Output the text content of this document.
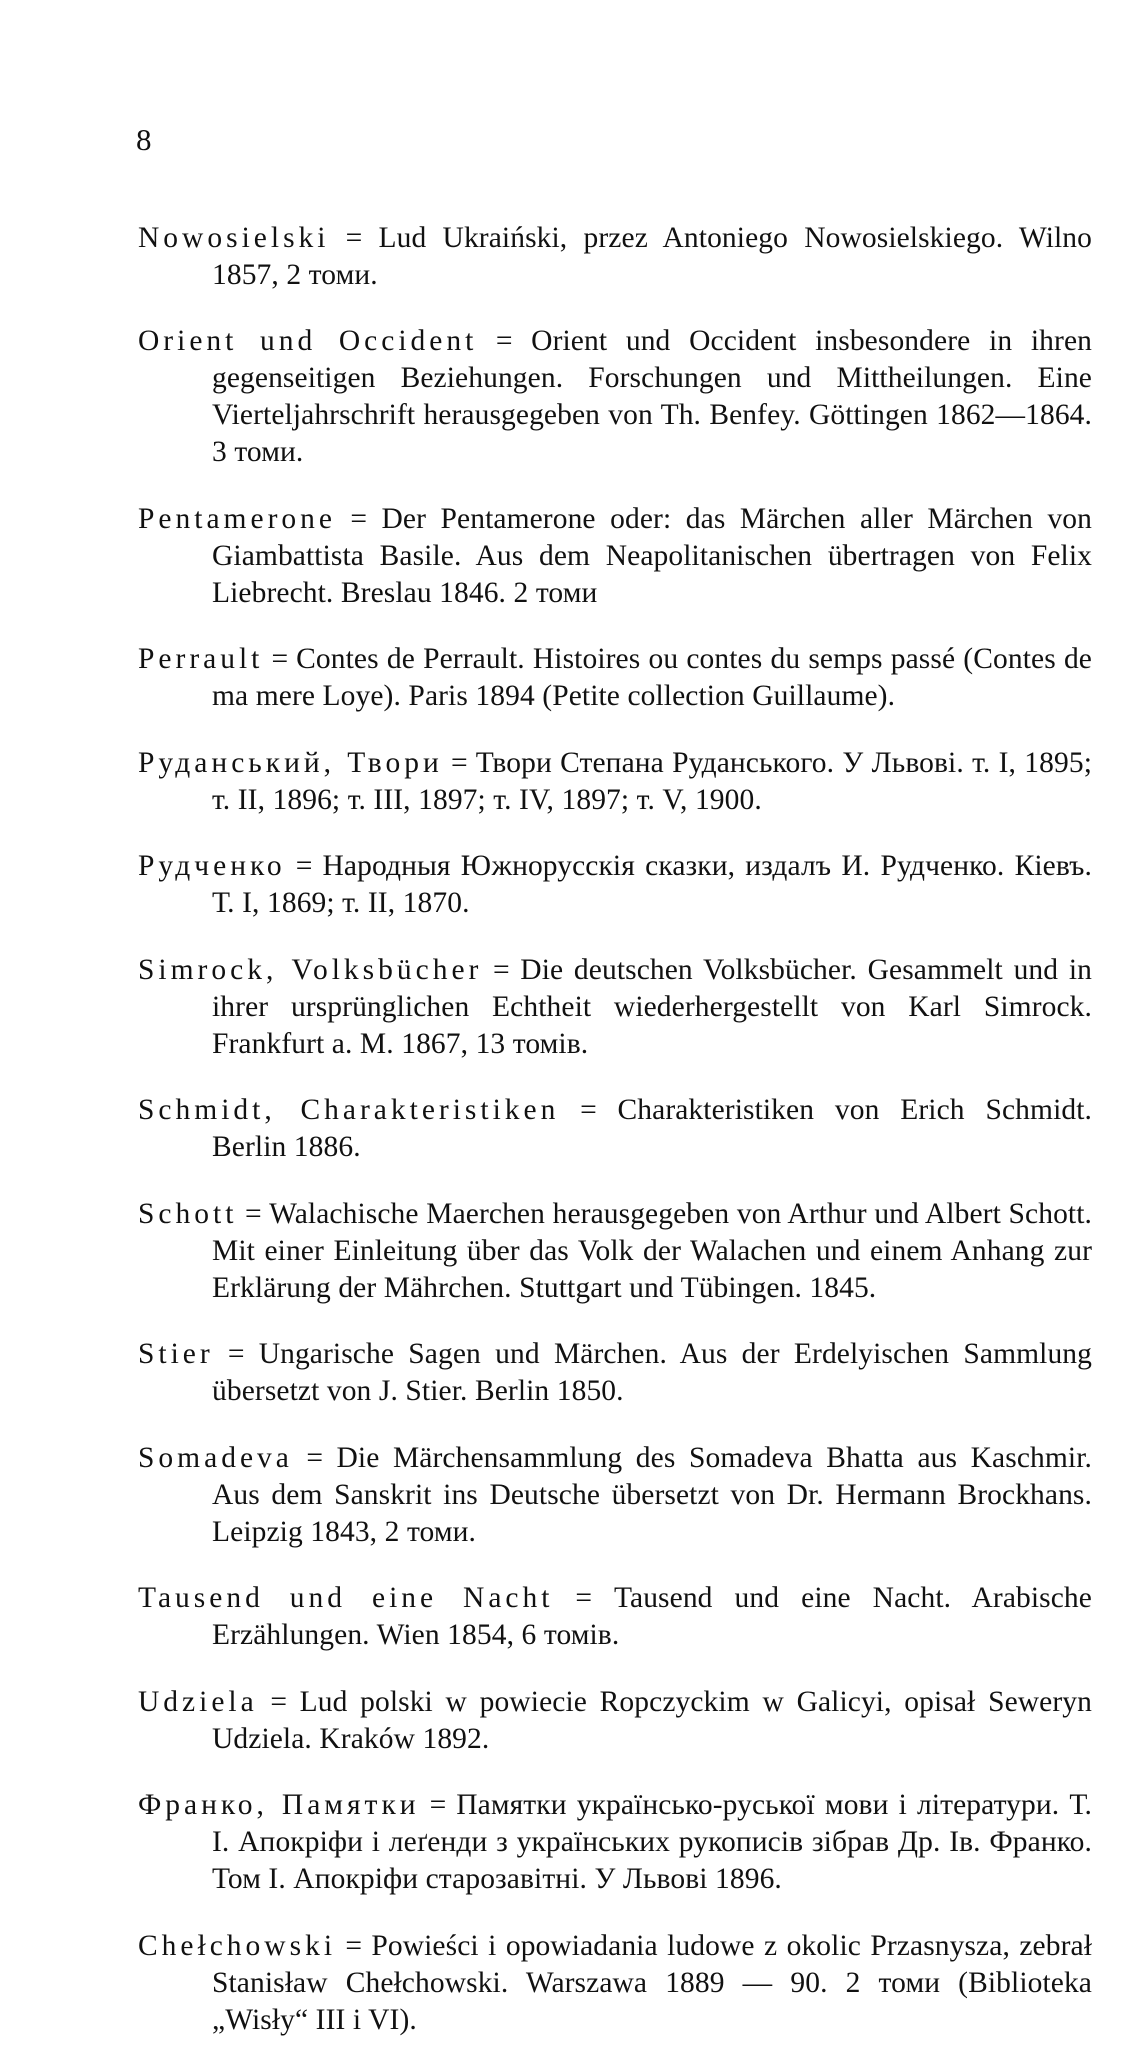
8

Nowosielski = Lud Ukraiński, przez Antoniego Nowosielskiego. Wilno 1857, 2 томи.

Orient und Occident = Orient und Occident insbesondere in ihren gegenseitigen Beziehungen. Forschungen und Mittheilungen. Eine Vierteljahrschrift herausgegeben von Th. Benfey. Göttingen 1862—1864. 3 томи.

Pentamerone = Der Pentamerone oder: das Märchen aller Märchen von Giambattista Basile. Aus dem Neapolitanischen übertragen von Felix Liebrecht. Breslau 1846. 2 томи

Perrault = Contes de Perrault. Histoires ou contes du semps passé (Contes de ma mere Loye). Paris 1894 (Petite collection Guillaume).

Руданський, Твори = Твори Степана Руданського. У Львові. т. I, 1895; т. II, 1896; т. III, 1897; т. IV, 1897; т. V, 1900.

Рудченко = Народныя Южнорусскія сказки, издалъ И. Рудченко. Кіевъ. Т. I, 1869; т. II, 1870.

Simrock, Volksbücher = Die deutschen Volksbücher. Gesammelt und in ihrer ursprünglichen Echtheit wiederhergestellt von Karl Simrock. Frankfurt a. M. 1867, 13 томів.

Schmidt, Charakteristiken = Charakteristiken von Erich Schmidt. Berlin 1886.

Schott = Walachische Maerchen herausgegeben von Arthur und Albert Schott. Mit einer Einleitung über das Volk der Walachen und einem Anhang zur Erklärung der Mährchen. Stuttgart und Tübingen. 1845.

Stier = Ungarische Sagen und Märchen. Aus der Erdelyischen Sammlung übersetzt von J. Stier. Berlin 1850.

Somadeva = Die Märchensammlung des Somadeva Bhatta aus Kaschmir. Aus dem Sanskrit ins Deutsche übersetzt von Dr. Hermann Brockhans. Leipzig 1843, 2 томи.

Tausend und eine Nacht = Tausend und eine Nacht. Arabische Erzählungen. Wien 1854, 6 томів.

Udziela = Lud polski w powiecie Ropczyckim w Galicyi, opisał Seweryn Udziela. Kraków 1892.

Франко, Памятки = Памятки українсько-руської мови і літератури. Т. I. Апокріфи і леґенди з українських рукописів зібрав Др. Ів. Франко. Том I. Апокріфи старозавітні. У Львові 1896.

Chełchowski = Powieści i opowiadania ludowe z okolic Przasnysza, zebrał Stanisław Chełchowski. Warszawa 1889 — 90. 2 томи (Biblioteka „Wisły“ III i VI).
